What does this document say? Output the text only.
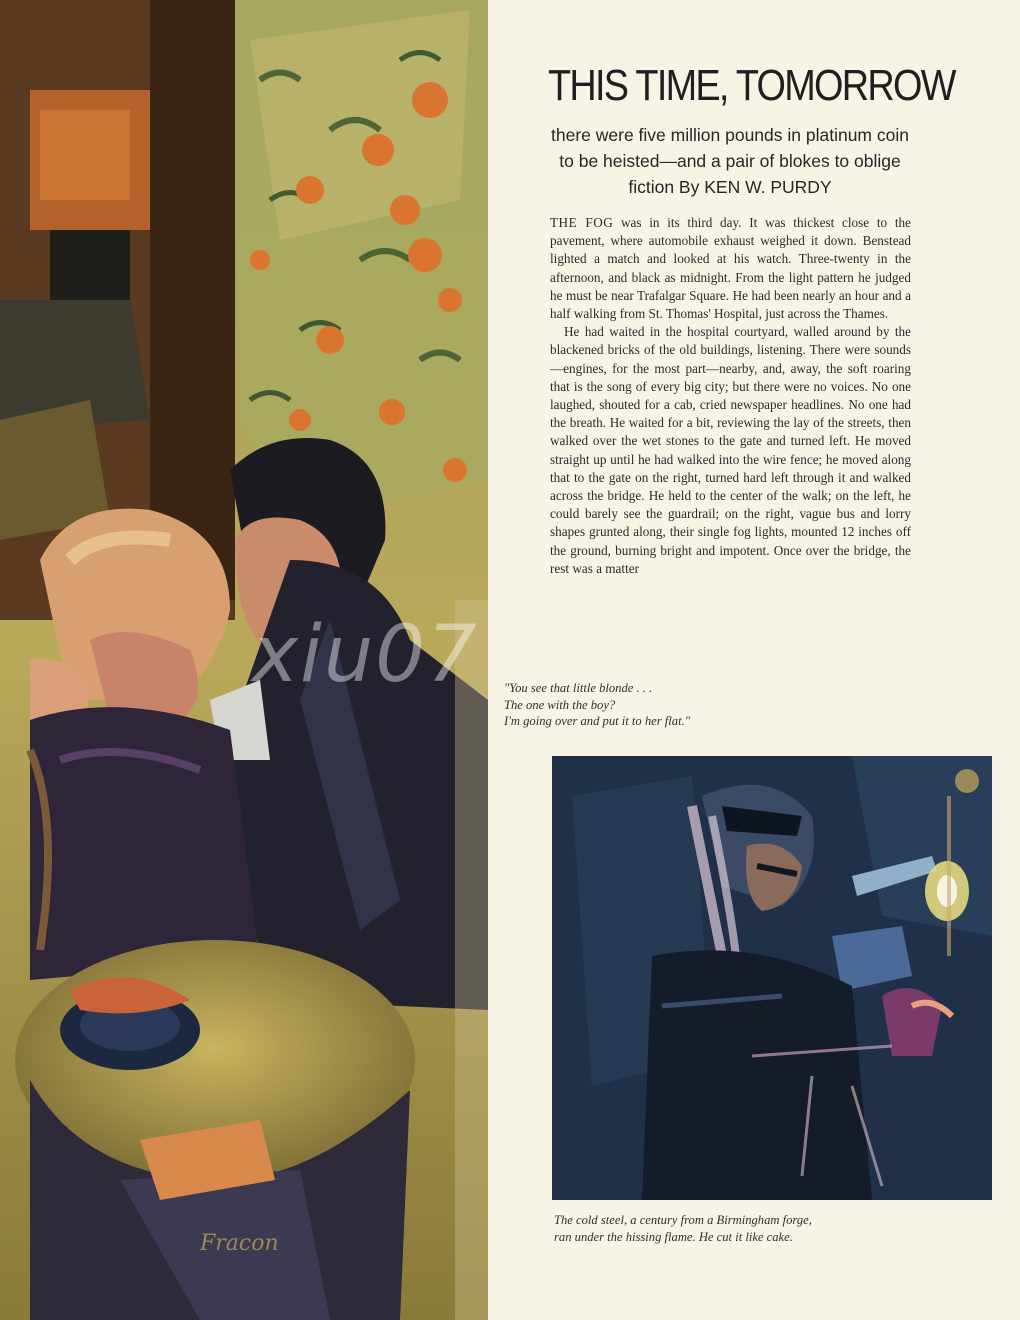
Fracon
THIS TIME, TOMORROW
there were five million pounds in platinum coin
to be heisted—and a pair of blokes to oblige
fiction By KEN W. PURDY

THE FOG was in its third day. It was thickest close to the pavement, where automobile exhaust weighed it down. Benstead lighted a match and looked at his watch. Three-twenty in the afternoon, and black as midnight. From the light pattern he judged he must be near Trafalgar Square. He had been nearly an hour and a half walking from St. Thomas' Hospital, just across the Thames.

He had waited in the hospital courtyard, walled around by the blackened bricks of the old buildings, listening. There were sounds—engines, for the most part—nearby, and, away, the soft roaring that is the song of every big city; but there were no voices. No one laughed, shouted for a cab, cried newspaper headlines. No one had the breath. He waited for a bit, reviewing the lay of the streets, then walked over the wet stones to the gate and turned left. He moved straight up until he had walked into the wire fence; he moved along that to the gate on the right, turned hard left through it and walked across the bridge. He held to the center of the walk; on the left, he could barely see the guardrail; on the right, vague bus and lorry shapes grunted along, their single fog lights, mounted 12 inches off the ground, burning bright and impotent. Once over the bridge, the rest was a matter

"You see that little blonde . . .
The one with the boy?
I'm going over and put it to her flat."
The cold steel, a century from a Birmingham forge,
ran under the hissing flame. He cut it like cake.
xiu07
